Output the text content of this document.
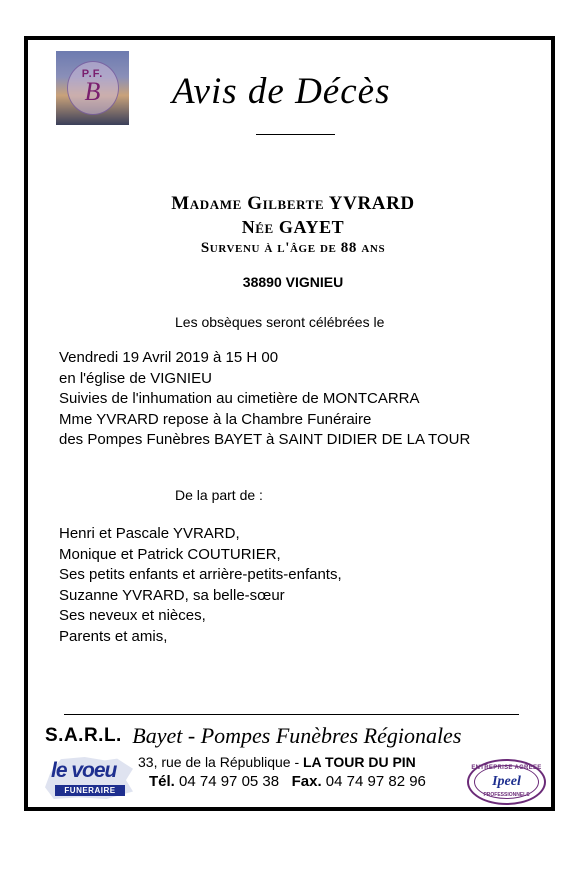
P.F.
B	Avis de Décès
Madame Gilberte YVRARD
Née GAYET
Survenu à l'âge de 88 ans
38890 VIGNIEU
Les obsèques seront célébrées le
Vendredi 19 Avril 2019 à 15 H 00
en l'église de VIGNIEU
Suivies de l'inhumation au cimetière de MONTCARRA
Mme YVRARD repose à la Chambre Funéraire
des Pompes Funèbres BAYET à SAINT DIDIER DE LA TOUR
De la part de :
Henri et Pascale YVRARD,
Monique et Patrick COUTURIER,
Ses petits enfants et arrière-petits-enfants,
Suzanne YVRARD, sa belle-sœur
Ses neveux et nièces,
Parents et amis,
S.A.R.L. Bayet - Pompes Funèbres Régionales
le voeu
FUNERAIRE
33, rue de la République - LA TOUR DU PIN
Tél. 04 74 97 05 38 Fax. 04 74 97 82 96
ENTREPRISE AGREEE
Ipeel
PROFESSIONNELS
